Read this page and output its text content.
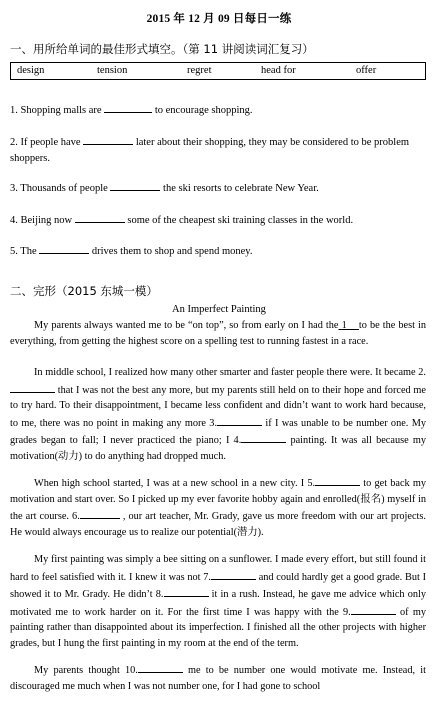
2015 年 12 月 09 日每日一练
一、用所给单词的最佳形式填空。（第 11 讲阅读词汇复习）
design	tension	regret	head for	offer
1. Shopping malls are	to encourage shopping.
2. If people have	later about their shopping, they may be considered to be problem shoppers.
3. Thousands of people	the ski resorts to celebrate New Year.
4. Beijing now	some of the cheapest ski training classes in the world.
5. The	drives them to shop and spend money.
二、完形（2015 东城一模）
An Imperfect Painting
My parents always wanted me to be “on top”, so from early on I had the 1 to be the best in everything, from getting the highest score on a spelling test to running fastest in a race.
In middle school, I realized how many other smarter and faster people there were. It became 2. that I was not the best any more, but my parents still held on to their hope and forced me to try hard. To their disappointment, I became less confident and didn’t want to work hard because, to me, there was no point in making any more 3.	if I was unable to be number one. My grades began to fall; I never practiced the piano; I 4.	painting. It was all because my motivation(动力) to do anything had dropped much.
When high school started, I was at a new school in a new city. I 5.	to get back my motivation and start over. So I picked up my ever favorite hobby again and enrolled(报名) myself in the art course. 6.	, our art teacher, Mr. Grady, gave us more freedom with our art projects. He would always encourage us to realize our potential(潜力).
My first painting was simply a bee sitting on a sunflower. I made every effort, but still found it hard to feel satisfied with it. I knew it was not 7.	and could hardly get a good grade. But I showed it to Mr. Grady. He didn’t 8.	it in a rush. Instead, he gave me advice which only motivated me to work harder on it. For the first time I was happy with the 9.	of my painting rather than disappointed about its imperfection. I finished all the other projects with higher grades, but I hung the first painting in my room at the end of the term.
My parents thought 10.	me to be number one would motivate me. Instead, it discouraged me much when I was not number one, for I had gone to school
